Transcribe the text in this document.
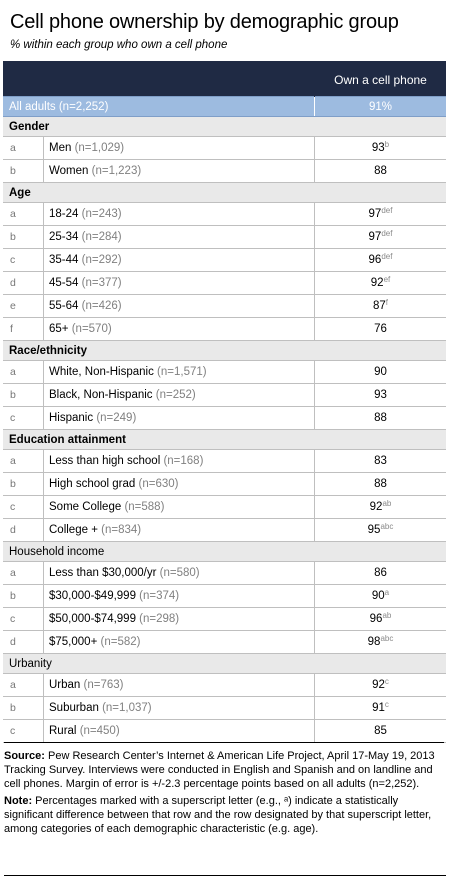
Cell phone ownership by demographic group
% within each group who own a cell phone
		Own a cell phone
All adults (n=2,252)		91%
Gender		
a	Men (n=1,029)	93$^b$
b	Women (n=1,223)	88
Age		
a	18-24 (n=243)	$97^{def}$
b	25-34 (n=284)	$97^{def}$
c	35-44 (n=292)	$96^{def}$
d	45-54 (n=377)	$92^{ef}$
e	55-64 (n=426)	87$^f$
f	65+ (n=570)	76
Race/ethnicity		
a	White, Non-Hispanic (n=1,571)	90
b	Black, Non-Hispanic (n=252)	93
c	Hispanic (n=249)	88
Education attainment		
a	Less than high school (n=168)	83
b	High school grad (n=630)	88
c	Some College (n=588)	$92^{ab}$
d	College + (n=834)	$95^{abc}$
Household income		
a	Less than $30,000/yr (n=580)	86
b	$30,000-$49,999 (n=374)	90$^a$
c	$50,000-$74,999 (n=298)	$96^{ab}$
d	$75,000+ (n=582)	$98^{abc}$
Urbanity		
a	Urban (n=763)	92$^c$
b	Suburban (n=1,037)	91$^c$
c	Rural (n=450)	85

Source: Pew Research Center’s Internet & American Life Project, April 17-May 19, 2013 Tracking Survey. Interviews were conducted in English and Spanish and on landline and cell phones. Margin of error is +/-2.3 percentage points based on all adults (n=2,252).

Note: Percentages marked with a superscript letter (e.g., ᵃ) indicate a statistically significant difference between that row and the row designated by that superscript letter, among categories of each demographic characteristic (e.g. age).
